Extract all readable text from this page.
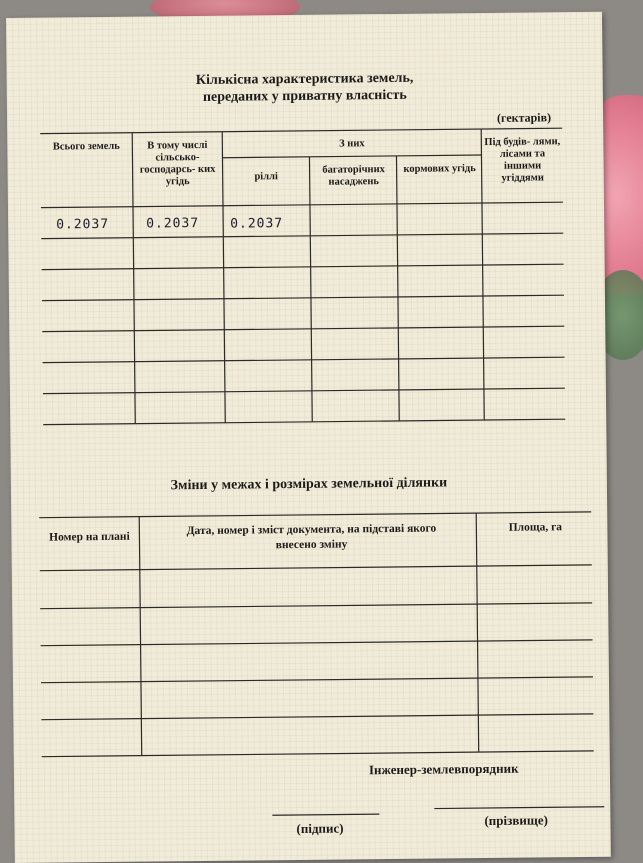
Кількісна характеристика земель,
переданих у приватну власність
(гектарів)
Всього земель	В тому числі сільсько- господарсь- ких угідь
З них
ріллі
багаторічних насаджень
кормових угідь
Під будів- лями, лісами та іншими угіддями
0.2037	0.2037 0.2037
Зміни у межах і розмірах земельної ділянки
Номер на плані
Дата, номер і зміст документа, на підставі якого внесено зміну
Площа, га
Інженер-землевпорядник
(підпис)
(прізвище)
